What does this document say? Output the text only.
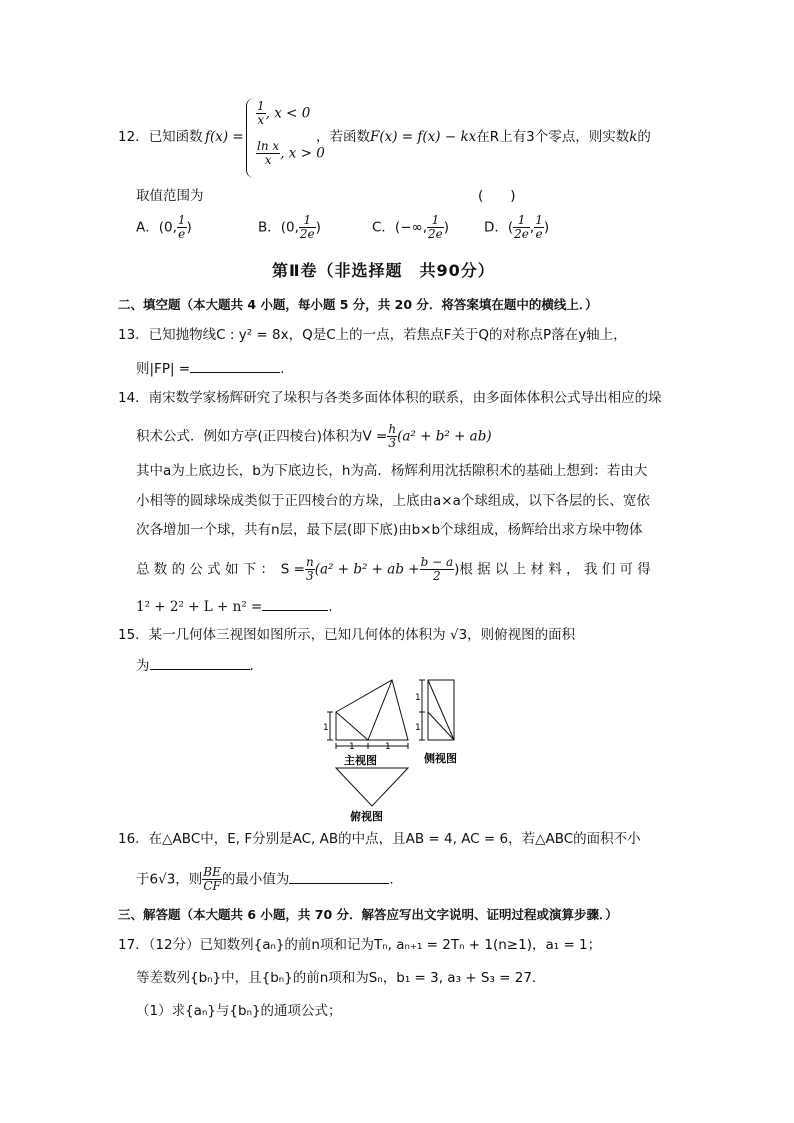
12．已知函数 f(x) =
$\frac{1}{x}$ , x < 0
$\frac{\text{ln x}}{x}$ , x > 0
，若函数F(x) = f(x) − kx在R上有3个零点，则实数k的
取值范围为	(　　)
A．(0, $\frac{1}{e}$ )	B．(0, $\frac{1}{2e}$ )	C．(−∞, $\frac{1}{2e}$ )	D．( $\frac{1}{2e}$ , $\frac{1}{e}$ )
第Ⅱ卷（非选择题　共90分）
二、填空题（本大题共 4 小题，每小题 5 分，共 20 分．将答案填在题中的横线上．）
13．已知抛物线C : y² = 8x，Q是C上的一点，若焦点F关于Q的对称点P落在y轴上，
则|FP| =	.
14．南宋数学家杨辉研究了垛积与各类多面体体积的联系，由多面体体积公式导出相应的垛
积术公式．例如方亭(正四棱台)体积为$V = \frac{h}{3} (a^2 + b^2 + ab)$
其中a为上底边长，b为下底边长，h为高．杨辉利用沈括隙积术的基础上想到：若由大
小相等的圆球垛成类似于正四棱台的方垛，上底由a×a个球组成，以下各层的长、宽依
次各增加一个球，共有n层，最下层(即下底)由b×b个球组成，杨辉给出求方垛中物体
总 数 的 公 式 如 下 ：　$S = \frac{n}{3} (a^2 + b^2$ + ab + $\frac{b - a}{2}$ )根 据 以 上 材 料 ， 我 们 可 得
1² + 2² + L + n² =	.
15．某一几何体三视图如图所示，已知几何体的体积为 √3，则俯视图的面积
为	.
1
1	1
主视图
1
1
侧视图
俯视图
16．在△ABC中，E, F分别是AC, AB的中点，且AB = 4, AC = 6，若△ABC的面积不小
于6√3，则 $\frac{BE}{CF}$ 的最小值为	.
三、解答题（本大题共 6 小题，共 70 分．解答应写出文字说明、证明过程或演算步骤．）
17．（12分）已知数列{aₙ}的前n项和记为Tₙ, aₙ₊₁ = 2Tₙ + 1(n≥1)，a₁ = 1；
等差数列{bₙ}中，且{bₙ}的前n项和为Sₙ，b₁ = 3, a₃ + S₃ = 27.
（1）求{aₙ}与{bₙ}的通项公式；
